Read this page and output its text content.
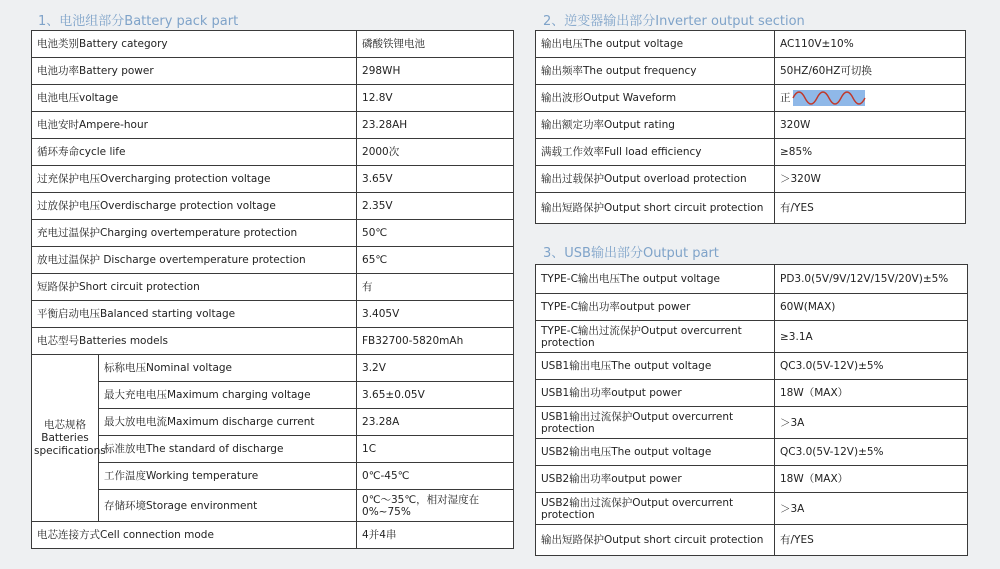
1、电池组部分Battery pack part
电池类别Battery category		磷酸铁锂电池
电池功率Battery power		298WH
电池电压voltage		12.8V
电池安时Ampere-hour		23.28AH
循环寿命cycle life		2000次
过充保护电压Overcharging protection voltage		3.65V
过放保护电压Overdischarge protection voltage		2.35V
充电过温保护Charging overtemperature protection		50℃
放电过温保护 Discharge overtemperature protection		65℃
短路保护Short circuit protection		有
平衡启动电压Balanced starting voltage		3.405V
电芯型号Batteries models		FB32700-5820mAh
电芯规格Batteries specifications	标称电压Nominal voltage	3.2V
	最大充电电压Maximum charging voltage	3.65±0.05V
	最大放电电流Maximum discharge current	23.28A
	标准放电The standard of discharge	1C
	工作温度Working temperature	0℃-45℃
	存储环境Storage environment	0℃～35℃，相对湿度在0%~75%
电芯连接方式Cell connection mode		4并4串
2、逆变器输出部分Inverter output section
输出电压The output voltage	AC110V±10%
输出频率The output frequency	50HZ/60HZ可切换
输出波形Output Waveform	正

输出额定功率Output rating	320W
满载工作效率Full load efficiency	≥85%
输出过载保护Output overload protection	＞320W
输出短路保护Output short circuit protection	有/YES
3、USB输出部分Output part
TYPE-C输出电压The output voltage	PD3.0(5V/9V/12V/15V/20V)±5%
TYPE-C输出功率output power	60W(MAX)
TYPE-C输出过流保护Output overcurrent protection	≥3.1A
USB1输出电压The output voltage	QC3.0(5V-12V)±5%
USB1输出功率output power	18W（MAX）
USB1输出过流保护Output overcurrent protection	＞3A
USB2输出电压The output voltage	QC3.0(5V-12V)±5%
USB2输出功率output power	18W（MAX）
USB2输出过流保护Output overcurrent protection	＞3A
输出短路保护Output short circuit protection	有/YES
